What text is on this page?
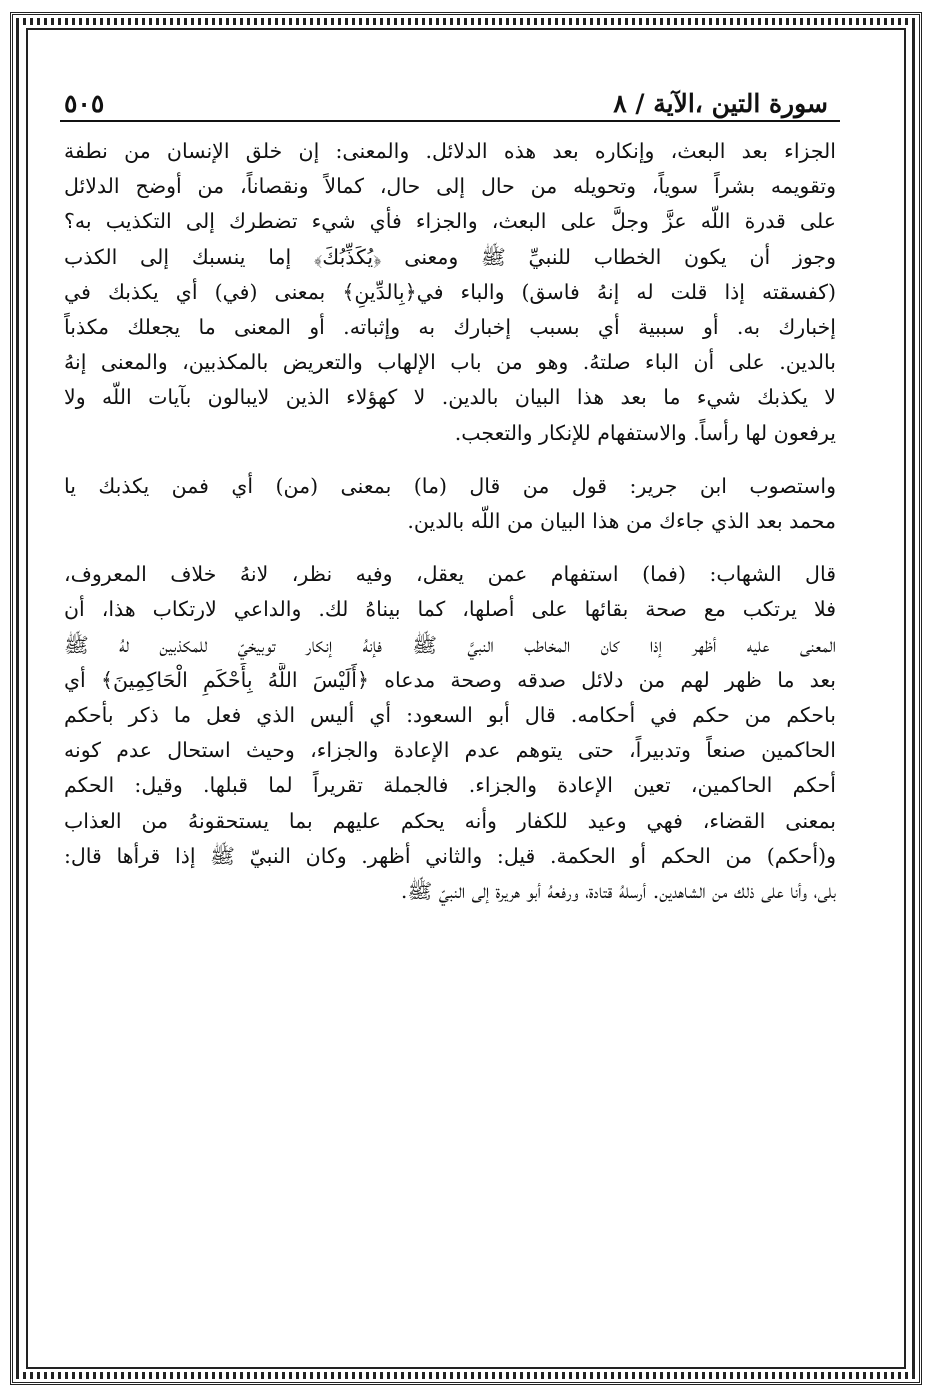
سورة التين ،الآية / ٨
٥٠٥

الجزاء بعد البعث، وإنكاره بعد هذه الدلائل. والمعنى: إن خلق الإنسان من نطفة
وتقويمه بشراً سوياً، وتحويله من حال إلى حال، كمالاً ونقصاناً، من أوضح الدلائل
على قدرة اللّه عزَّ وجلَّ على البعث، والجزاء فأي شيء تضطرك إلى التكذيب به؟
وجوز أن يكون الخطاب للنبيِّ ﷺ ومعنى ﴿يُكَذِّبُكَ﴾ إما ينسبك إلى الكذب
(كفسقته إذا قلت له إنهُ فاسق) والباء في﴿بِالدِّينِ﴾ بمعنى (في) أي يكذبك في
إخبارك به. أو سببية أي بسبب إخبارك به وإثباته. أو المعنى ما يجعلك مكذباً
بالدين. على أن الباء صلتهُ. وهو من باب الإلهاب والتعريض بالمكذبين، والمعنى إنهُ
لا يكذبك شيء ما بعد هذا البيان بالدين. لا كهؤلاء الذين لايبالون بآيات اللّه ولا
يرفعون لها رأساً. والاستفهام للإنكار والتعجب.

واستصوب ابن جرير: قول من قال (ما) بمعنى (من) أي فمن يكذبك يا
محمد بعد الذي جاءك من هذا البيان من اللّه بالدين.

قال الشهاب: (فما) استفهام عمن يعقل، وفيه نظر، لانهُ خلاف المعروف،
فلا يرتكب مع صحة بقائها على أصلها، كما بيناهُ لك. والداعي لارتكاب هذا، أن
المعنى عليه أظهر إذا كان المخاطب النبيَّ ﷺ فإنهُ إنكار توبيخيّ للمكذبين لهُ ﷺ
بعد ما ظهر لهم من دلائل صدقه وصحة مدعاه ﴿أَلَيْسَ اللَّهُ بِأَحْكَمِ الْحَاكِمِينَ﴾ أي
باحكم من حكم في أحكامه. قال أبو السعود: أي أليس الذي فعل ما ذكر بأحكم
الحاكمين صنعاً وتدبيراً، حتى يتوهم عدم الإعادة والجزاء، وحيث استحال عدم كونه
أحكم الحاكمين، تعين الإعادة والجزاء. فالجملة تقريراً لما قبلها. وقيل: الحكم
بمعنى القضاء، فهي وعيد للكفار وأنه يحكم عليهم بما يستحقونهُ من العذاب
و(أحكم) من الحكم أو الحكمة. قيل: والثاني أظهر. وكان النبيّ ﷺ إذا قرأها قال:
بلى، وأنا على ذلك من الشاهدين. أرسلهُ قتادة، ورفعهُ أبو هريرة إلى النبيّ ﷺ.
